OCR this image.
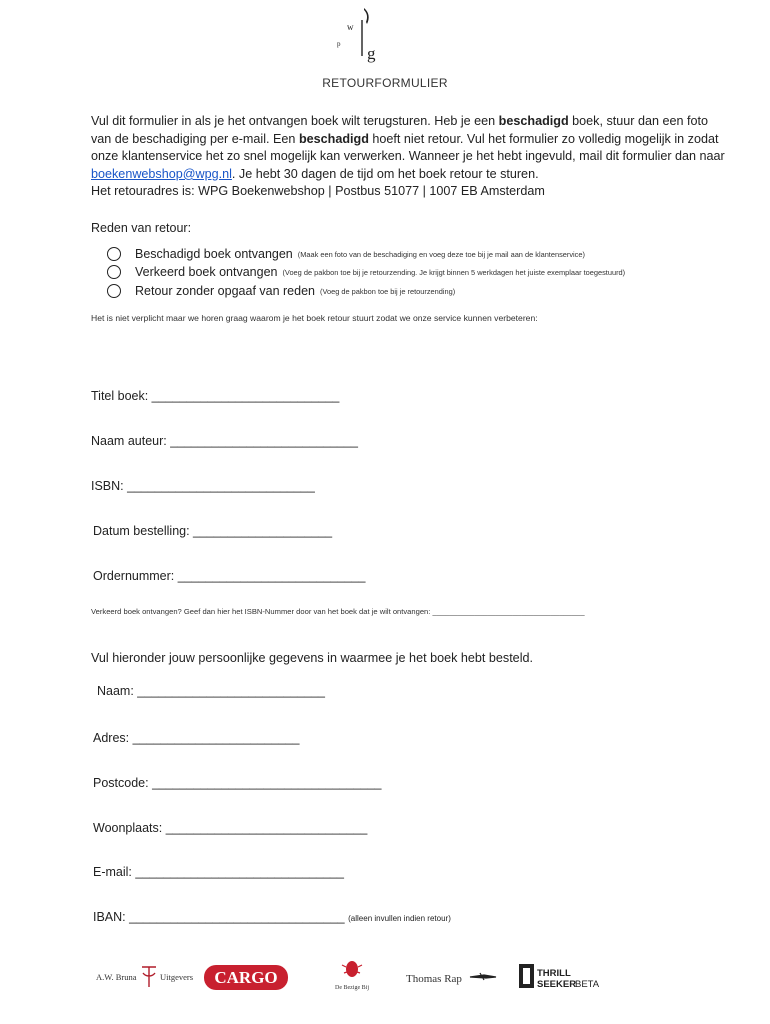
w
p g
RETOURFORMULIER
Vul dit formulier in als je het ontvangen boek wilt terugsturen. Heb je een beschadigd boek, stuur dan een foto van de beschadiging per e-mail. Een beschadigd hoeft niet retour. Vul het formulier zo volledig mogelijk in zodat onze klantenservice het zo snel mogelijk kan verwerken. Wanneer je het hebt ingevuld, mail dit formulier dan naar boekenwebshop@wpg.nl. Je hebt 30 dagen de tijd om het boek retour te sturen.
Het retouradres is: WPG Boekenwebshop | Postbus 51077 | 1007 EB Amsterdam
Reden van retour:
Beschadigd boek ontvangen (Maak een foto van de beschadiging en voeg deze toe bij je mail aan de klantenservice)
Verkeerd boek ontvangen (Voeg de pakbon toe bij je retourzending. Je krijgt binnen 5 werkdagen het juiste exemplaar toegestuurd)
Retour zonder opgaaf van reden (Voeg de pakbon toe bij je retourzending)
Het is niet verplicht maar we horen graag waarom je het boek retour stuurt zodat we onze service kunnen verbeteren:
Titel boek: ___________________________
Naam auteur: ___________________________
ISBN: ___________________________
Datum bestelling: ____________________
Ordernummer: ___________________________
Verkeerd boek ontvangen? Geef dan hier het ISBN-Nummer door van het boek dat je wilt ontvangen: ____________________________________
Vul hieronder jouw persoonlijke gegevens in waarmee je het boek hebt besteld.
Naam: ___________________________
Adres: ________________________
Postcode: _________________________________
Woonplaats: _____________________________
E-mail: ______________________________
IBAN: _______________________________ (alleen invullen indien retour)
A.W. Bruna	Uitgevers CARGO
De Bezige Bij
Thomas Rap	THRILL
SEEKER
BETA
